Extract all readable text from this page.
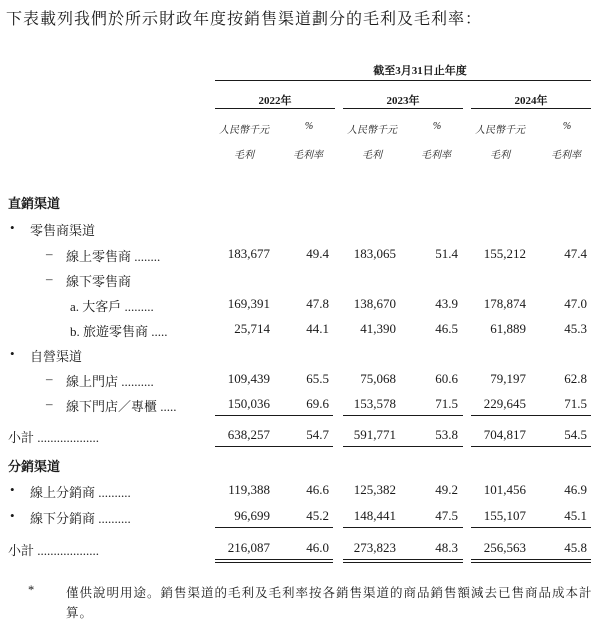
下表載列我們於所示財政年度按銷售渠道劃分的毛利及毛利率：
截至3月31日止年度
2022年	2023年	2024年
人民幣千元	%	人民幣千元	%	人民幣千元	%
毛利	毛利率	毛利	毛利率	毛利	毛利率
直銷渠道
• 零售商渠道
– 線上零售商 ........	183,677	49.4	183,065	51.4	155,212	47.4
– 線下零售商
a. 大客戶 .........	169,391	47.8	138,670	43.9	178,874	47.0
b. 旅遊零售商 .....	25,714	44.1	41,390	46.5	61,889	45.3
• 自營渠道
– 線上門店 ..........	109,439	65.5	75,068	60.6	79,197	62.8
– 線下門店／專櫃 .....	150,036	69.6	153,578	71.5	229,645	71.5
小計 ...................	638,257	54.7	591,771	53.8	704,817	54.5
分銷渠道
• 線上分銷商 ..........	119,388	46.6	125,382	49.2	101,456	46.9
• 線下分銷商 ..........	96,699	45.2	148,441	47.5	155,107	45.1
小計 ...................	216,087	46.0	273,823	48.3	256,563	45.8
* 僅供說明用途。銷售渠道的毛利及毛利率按各銷售渠道的商品銷售額減去已售商品成本計
算。
